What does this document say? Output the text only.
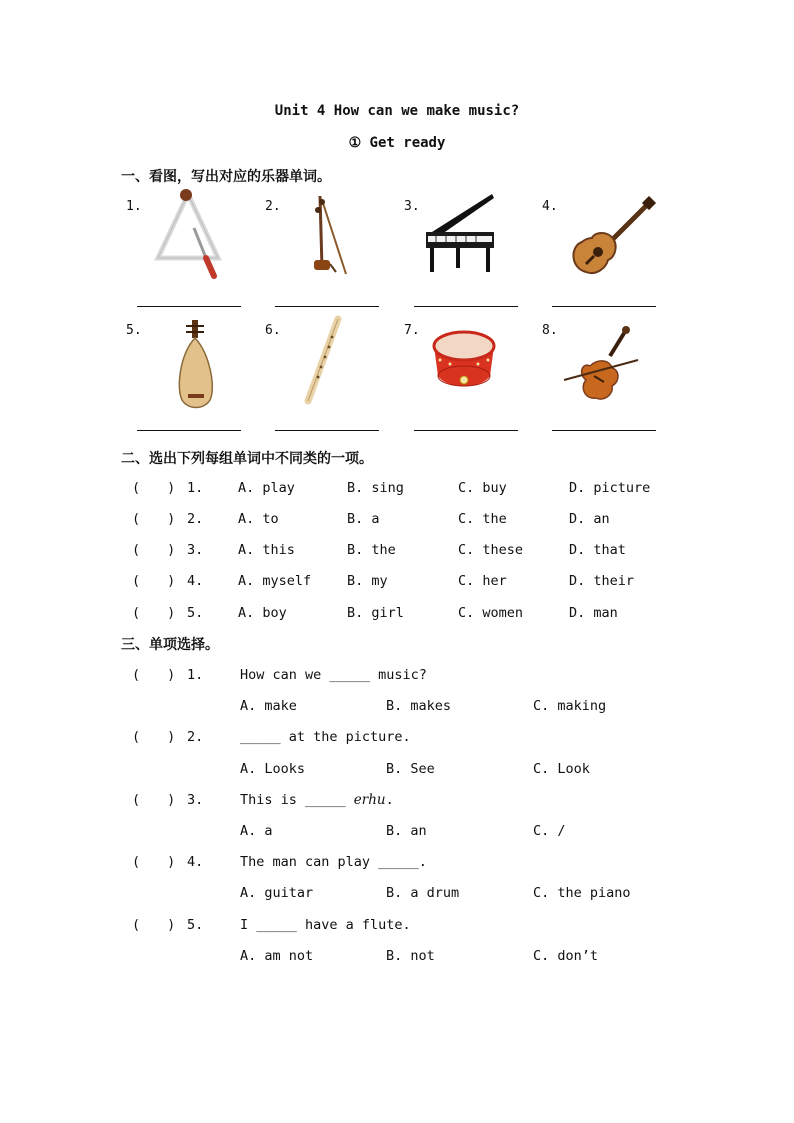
Unit 4 How can we make music?
① Get ready
一、看图，写出对应的乐器单词。
1.	2.	3.	4.
5.	6.	7.	8.
二、选出下列每组单词中不同类的一项。
(　　) 1.	A. play	B. sing	C. buy	D. picture
(　　) 2.	A. to	B. a	C. the	D. an
(　　) 3.	A. this	B. the	C. these	D. that
(　　) 4.	A. myself	B. my	C. her	D. their
(　　) 5.	A. boy	B. girl	C. women	D. man
三、单项选择。
(　　) 1.	How can we _____ music?
A. make	B. makes	C. making
(　　) 2.	_____ at the picture.
A. Looks	B. See	C. Look
(　　) 3.	This is _____ erhu.
A. a	B. an	C. /
(　　) 4.	The man can play _____.
A. guitar	B. a drum	C. the piano
(　　) 5.	I _____ have a flute.
A. am not	B. not	C. don’t
